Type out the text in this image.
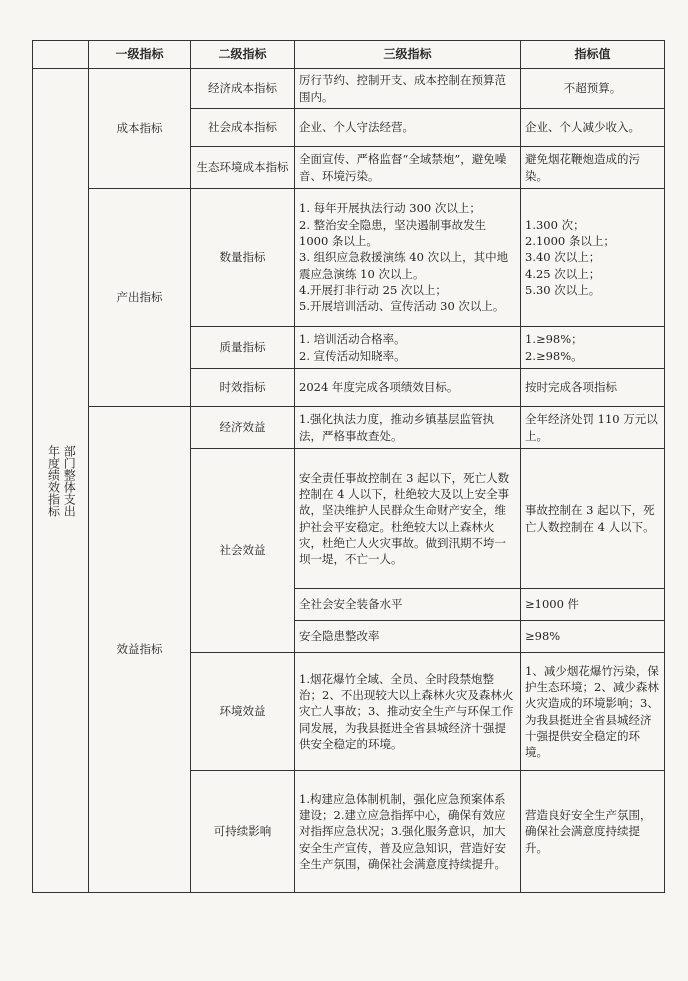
	一级指标	二级指标	三级指标	指标值

年度绩效指标 部门整体支出	成本指标	经济成本指标	厉行节约、控制开支、成本控制在预算范围内。	不超预算。
		社会成本指标	企业、个人守法经营。	企业、个人减少收入。
		生态环境成本指标	全面宣传、严格监督“全域禁炮”，避免噪音、环境污染。	避免烟花鞭炮造成的污染。
	产出指标	数量指标	1. 每年开展执法行动 300 次以上；
2. 整治安全隐患，坚决遏制事故发生 1000 条以上。
3. 组织应急救援演练 40 次以上，其中地震应急演练 10 次以上。
4.开展打非行动 25 次以上；
5.开展培训活动、宣传活动 30 次以上。	1.300 次；
2.1000 条以上；
3.40 次以上；
4.25 次以上；
5.30 次以上。

		质量指标	1. 培训活动合格率。
2. 宣传活动知晓率。	1.≥98%；
2.≥98%。

		时效指标	2024 年度完成各项绩效目标。	按时完成各项指标
	效益指标	经济效益	1.强化执法力度，推动乡镇基层监管执法，严格事故查处。	全年经济处罚 110 万元以上。
		社会效益	安全责任事故控制在 3 起以下，死亡人数控制在 4 人以下，杜绝较大及以上安全事故，坚决维护人民群众生命财产安全，维护社会平安稳定。杜绝较大以上森林火灾，杜绝亡人火灾事故。做到汛期不垮一坝一堤，不亡一人。	事故控制在 3 起以下，死亡人数控制在 4 人以下。
			全社会安全装备水平	≥1000 件
			安全隐患整改率	≥98%
		环境效益	1.烟花爆竹全域、全员、全时段禁炮整治；2、不出现较大以上森林火灾及森林火灾亡人事故；3、推动安全生产与环保工作同发展，为我县挺进全省县城经济十强提供安全稳定的环境。	1、减少烟花爆竹污染，保护生态环境；2、减少森林火灾造成的环境影响；3、为我县挺进全省县城经济十强提供安全稳定的环境。
		可持续影响	1.构建应急体制机制，强化应急预案体系建设；2.建立应急指挥中心，确保有效应对指挥应急状况；3.强化服务意识，加大安全生产宣传，普及应急知识，营造好安全生产氛围，确保社会满意度持续提升。	营造良好安全生产氛围，确保社会满意度持续提升。
